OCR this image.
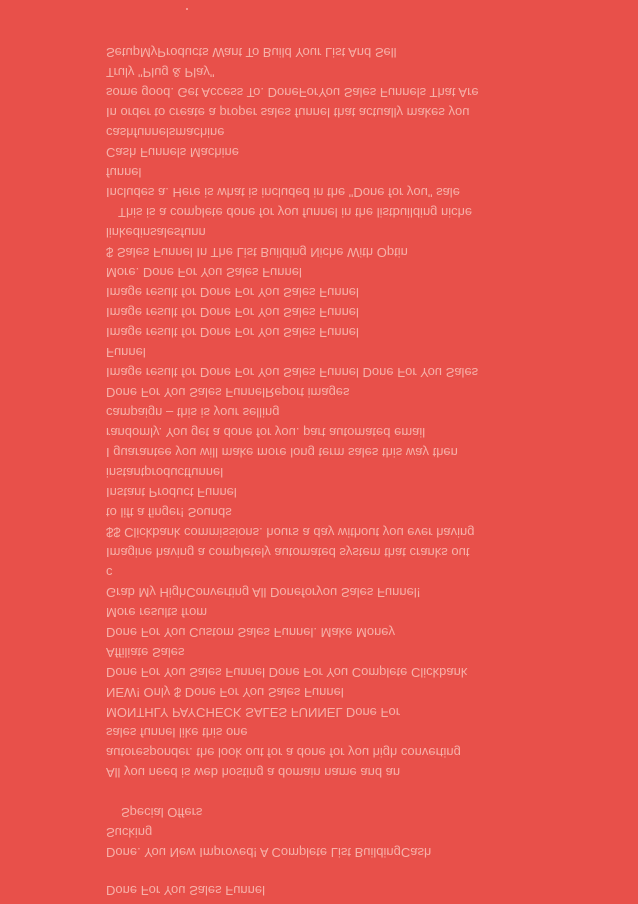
Done For You Sales Funnel
Done. You New Improved! A Complete List BuildingCash
Sucking
Special Offers
All you need is web hosting a domain name and an
autoresponder. the look out for a done for you high converting
sales funnel like this one
MONTHLY PAYCHECK SALES FUNNEL Done For
NEW! Only $ Done For You Sales Funnel
Done For You Sales Funnel Done For You Complete Clickbank
Affiliate Sales
Done For You Custom Sales Funnel. Make Money
More results from
Grab My HighConverting All Doneforyou Sales Funnel!
c
Imagine having a completely automated system that cranks out
$$ Clickbank commissions. hours a day without you ever having
to lift a finger! Sounds
Instant Product Funnel
instantproductfunnel
I guarantee you will make more long term sales this way then
randomly. You get a done for you. part automated email
campaign – this is your selling
Done For You Sales FunnelReport images
Image result for Done For You Sales Funnel Done For You Sales
Funnel
Image result for Done For You Sales Funnel
Image result for Done For You Sales Funnel
Image result for Done For You Sales Funnel
More. Done For You Sales Funnel
$ Sales Funnel In The List Building Niche With Optin
linkedinsalesfunn
This is a complete done for you funnel in the listbuilding niche
Includes a. Here is what is included in the "Done for you" sale
funnel
Cash Funnels Machine
cashfunnelsmachine
In order to create a proper sales funnel that actually makes you
some good. Get Access To. DoneForYou Sales Funnels That Are
Truly "Plug & Play"
SetupMyProducts Want To Build Your List And Sell
